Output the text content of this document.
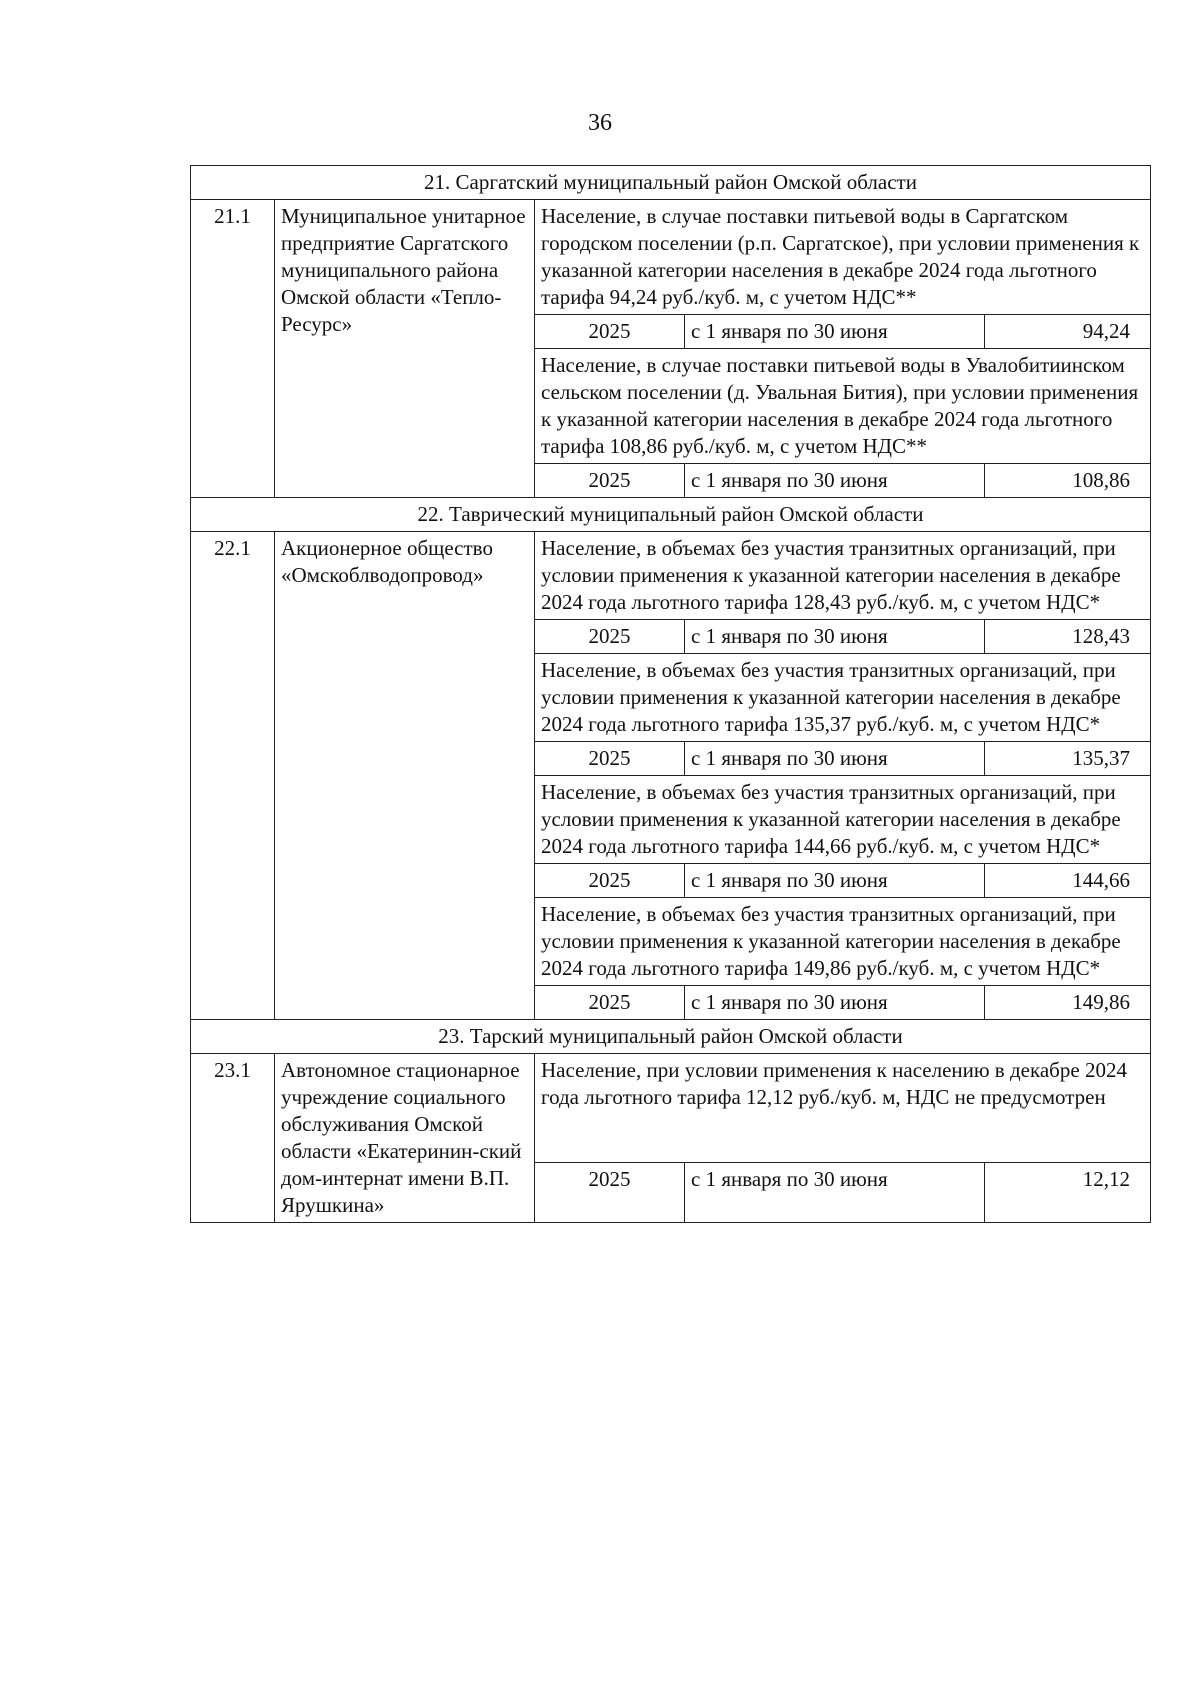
36
21. Саргатский муниципальный район Омской области				
21.1	Муниципальное унитарное предприятие Саргатского муниципального района Омской области «Тепло-Ресурс»	Население, в случае поставки питьевой воды в Саргатском городском поселении (р.п. Саргатское), при условии применения к указанной категории населения в декабре 2024 года льготного тарифа 94,24 руб./куб. м, с учетом НДС**		
		2025	с 1 января по 30 июня	94,24
		Население, в случае поставки питьевой воды в Увалобитиинском сельском поселении (д. Увальная Бития), при условии применения к указанной категории населения в декабре 2024 года льготного тарифа 108,86 руб./куб. м, с учетом НДС**		
		2025	с 1 января по 30 июня	108,86
22. Таврический муниципальный район Омской области				
22.1	Акционерное общество «Омскоблводопровод»	Население, в объемах без участия транзитных организаций, при условии применения к указанной категории населения в декабре 2024 года льготного тарифа 128,43 руб./куб. м, с учетом НДС*		
		2025	с 1 января по 30 июня	128,43
		Население, в объемах без участия транзитных организаций, при условии применения к указанной категории населения в декабре 2024 года льготного тарифа 135,37 руб./куб. м, с учетом НДС*		
		2025	с 1 января по 30 июня	135,37
		Население, в объемах без участия транзитных организаций, при условии применения к указанной категории населения в декабре 2024 года льготного тарифа 144,66 руб./куб. м, с учетом НДС*		
		2025	с 1 января по 30 июня	144,66
		Население, в объемах без участия транзитных организаций, при условии применения к указанной категории населения в декабре 2024 года льготного тарифа 149,86 руб./куб. м, с учетом НДС*		
		2025	с 1 января по 30 июня	149,86
23. Тарский муниципальный район Омской области				
23.1	Автономное стационарное учреждение социального обслуживания Омской области «Екатеринин-ский дом-интернат имени В.П. Ярушкина»	Население, при условии применения к населению в декабре 2024 года льготного тарифа 12,12 руб./куб. м, НДС не предусмотрен		
		2025	с 1 января по 30 июня	12,12
